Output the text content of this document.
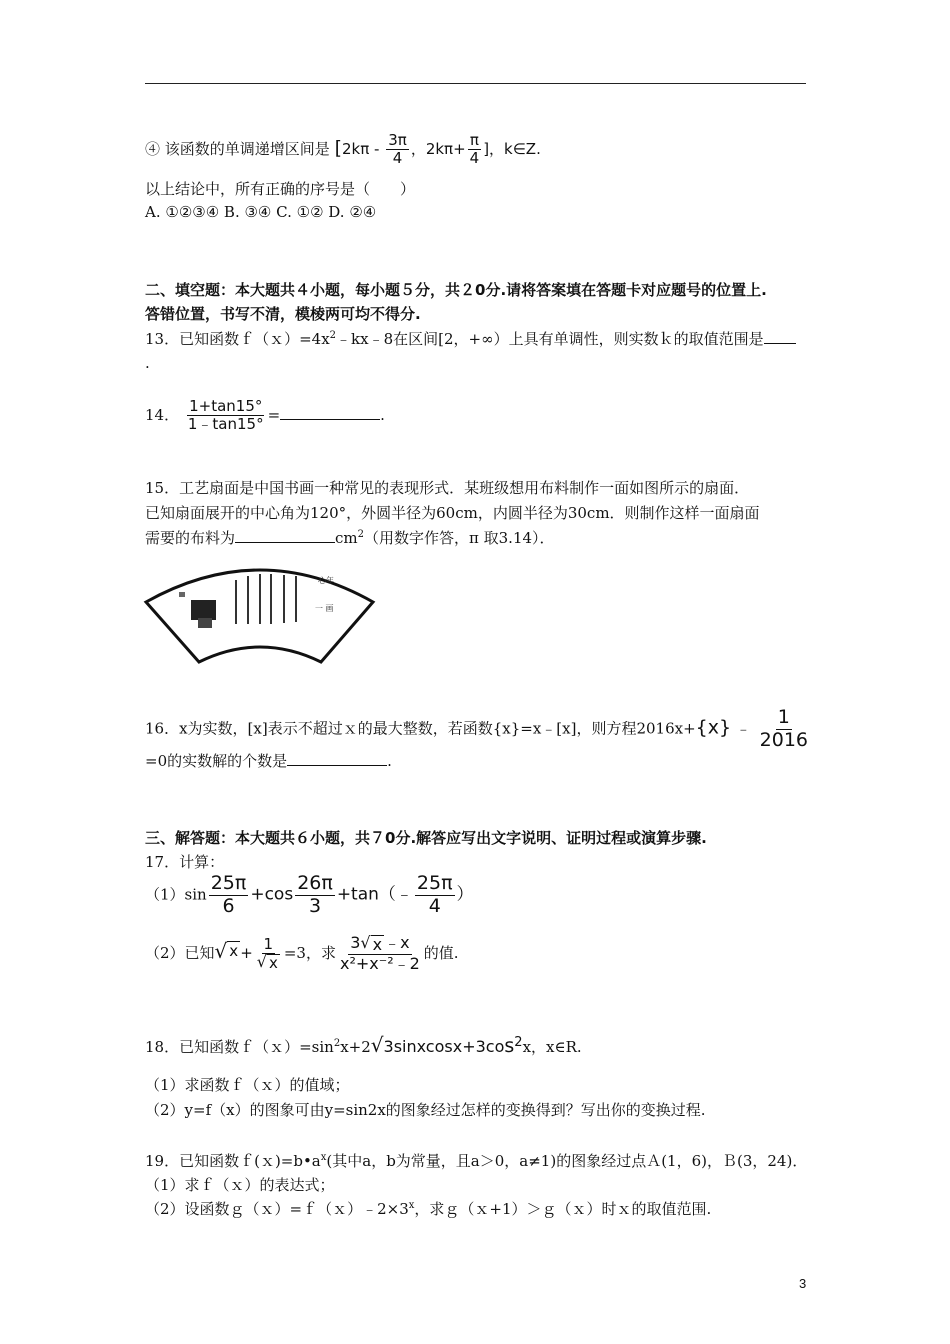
④ 该函数的单调递增区间是 [$2k\pi - \frac{3\pi}{4}$ ，$2k\pi+ \frac{\pi}{4}$ ]，k∈Z.
以上结论中，所有正确的序号是（　　）
A. ①②③④ B. ③④ C. ①② D. ②④
二、填空题：本大题共４小题，每小题５分，共２0分.请将答案填在答题卡对应题号的位置上.
答错位置，书写不清，模棱两可均不得分.
13．已知函数$f(x)=4x^2﹣kx﹣8$在区间[2，+∞）上具有单调性，则实数ｋ的取值范围是
.
14． $\frac{1+\tan 15^\circ}{1﹣\tan 15^\circ}$ =	.
15．工艺扇面是中国书画一种常见的表现形式．某班级想用布料制作一面如图所示的扇面．
已知扇面展开的中心角为120°，外圆半径为60cm，内圆半径为30cm．则制作这样一面扇面
需要的布料为	$cm^2$（用数字作答，π 取3.14）．
心年
一 画
16．x为实数，[x]表示不超过ｘ的最大整数，若函数{x}=x﹣[x]，则方程2016x+{x} ﹣ $\frac{1}{2016}$
=0的实数解的个数是	.
三、解答题：本大题共６小题，共７0分.解答应写出文字说明、证明过程或演算步骤.
17．计算：
$(1)\sin \frac{25\pi}{6} +\cos \frac{26\pi}{3}$ +tan（﹣ $\frac{25\pi}{4}$ ）
（2）已知 √ $x + \frac{1}{√ x} =3$，求 $\frac{3 √ x ﹣x}{\text{x²+x⁻²﹣2}}$ 的值.
18．已知函数$f(x)=\sin^2x+2$ √ $3sinxcosx+3\cos^2x$，x∈R.
（1）求函数ｆ（ｘ）的值域；
（2）y=f（x）的图象可由y=sin2x的图象经过怎样的变换得到？写出你的变换过程.
19．已知函数$f(x)=b•a^x$(其中a，b为常量，且a＞0，a≠1)的图象经过点Ａ(1，6)，Ｂ(3，24)．
（1）求ｆ（ｘ）的表达式；
（2）设函数$g(x)=f(x)﹣2\times 3^x$，求ｇ（ｘ+1）＞ｇ（ｘ）时ｘ的取值范围.
3
